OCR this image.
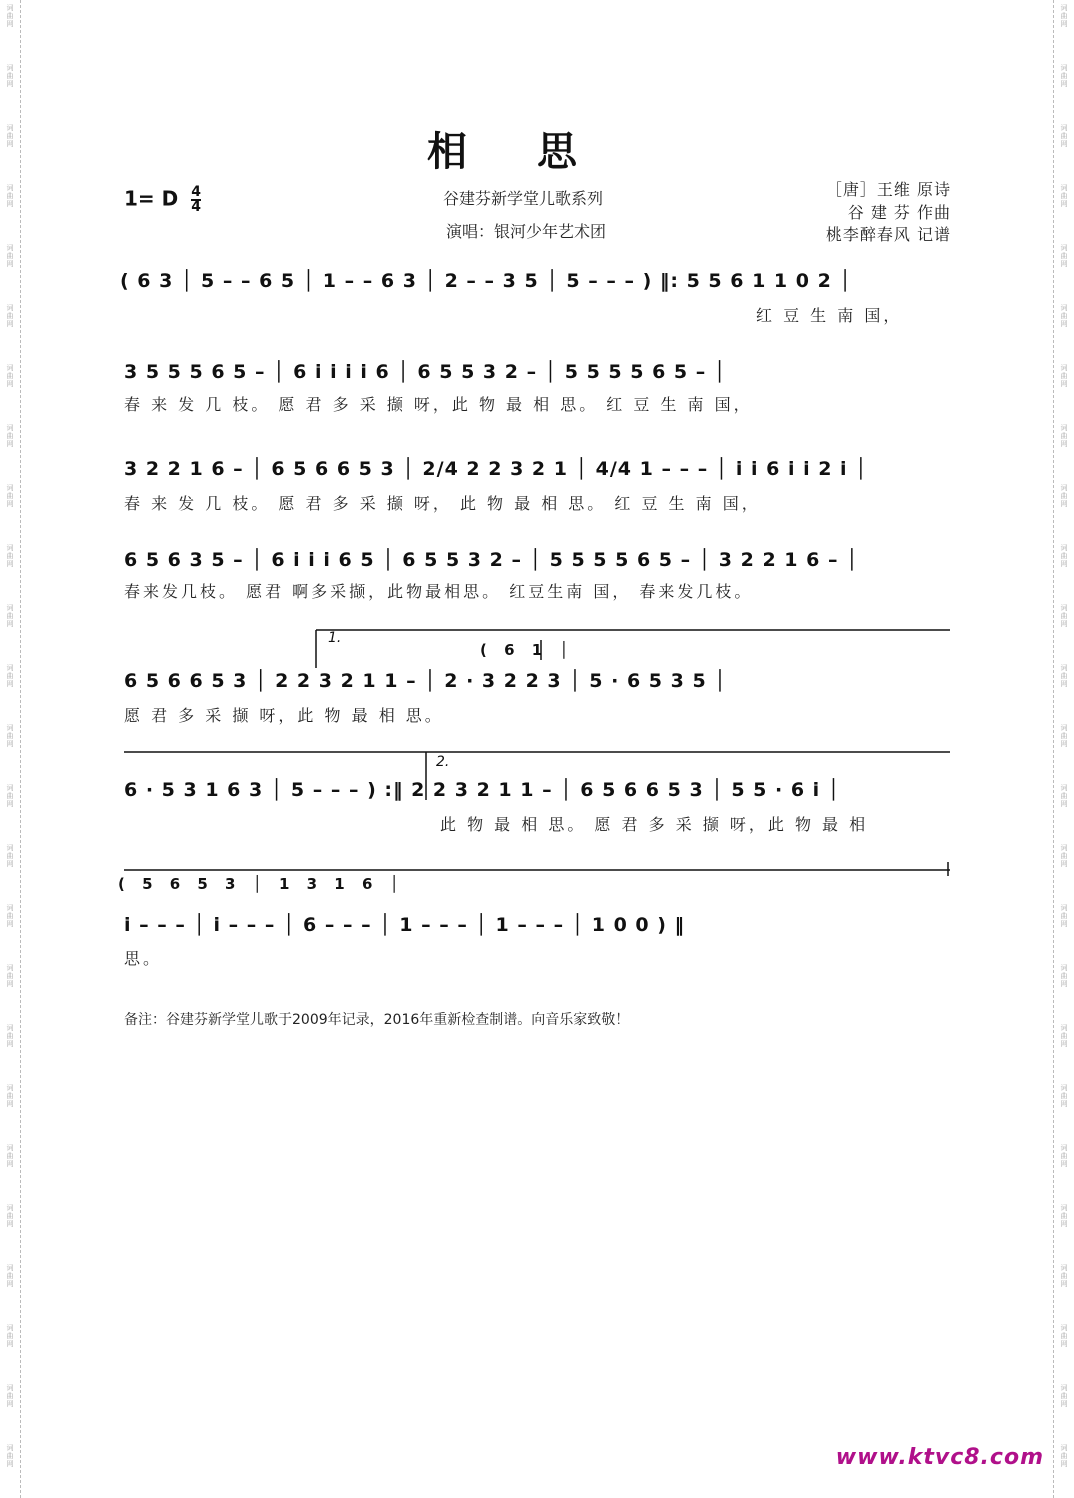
词
曲
网
词
曲
网
词
曲
网
词
曲
网
词
曲
网
词
曲
网
词
曲
网
词
曲
网
词
曲
网
词
曲
网
词
曲
网
词
曲
网
词
曲
网
词
曲
网
词
曲
网
词
曲
网
词
曲
网
词
曲
网
词
曲
网
词
曲
网
词
曲
网
词
曲
网
词
曲
网
词
曲
网
词
曲
网
词
曲
网
词
曲
网
词
曲
网
词
曲
网
词
曲
网
词
曲
网
词
曲
网
词
曲
网
词
曲
网
词
曲
网
词
曲
网
词
曲
网
词
曲
网
词
曲
网
词
曲
网
词
曲
网
词
曲
网
词
曲
网
词
曲
网
词
曲
网
词
曲
网
词
曲
网
词
曲
网
词
曲
网
词
曲
网
相思
1= D $\frac{4}{4}$	谷建芬新学堂儿歌系列
演唱：银河少年艺术团
［唐］王维 原诗
谷 建 芬 作曲
桃李醉春风 记谱
( 6 3 │ 5 – – 6 5 │ 1 – – 6 3 │ 2 – – 3 5 │ 5 – – – ) ‖: 5 5 6 1 1 0 2 │
红 豆 生 南 国，
3 5 5 5 6 5 – │ 6 i i i i 6 │ 6 5 5 3 2 – │ 5 5 5 5 6 5 – │
春 来 发 几 枝。 愿 君 多 采 撷 呀，此 物 最 相 思。 红 豆 生 南 国，
3 2 2 1 6 – │ 6 5 6 6 5 3 │ 2/4 2 2 3 2 1 │ 4/4 1 – – – │ i i 6 i i 2 i │
春 来 发 几 枝。 愿 君 多 采 撷 呀， 此 物 最 相 思。 红 豆 生 南 国，
6 5 6 3 5 – │ 6 i i i 6 5 │ 6 5 5 3 2 – │ 5 5 5 5 6 5 – │ 3 2 2 1 6 – │
春来发几枝。 愿君 啊多采撷，此物最相思。 红豆生南 国， 春来发几枝。
1.
( 6 1 │
6 5 6 6 5 3 │ 2 2 3 2 1 1 – │ 2 · 3 2 2 3 │ 5 · 6 5 3 5 │
愿 君 多 采 撷 呀，此 物 最 相 思。
2.
6 · 5 3 1 6 3 │ 5 – – – ) :‖ 2 2 3 2 1 1 – │ 6 5 6 6 5 3 │ 5 5 · 6 i │
此 物 最 相 思。 愿 君 多 采 撷 呀，此 物 最 相
( 5 6 5 3 │ 1 3 1 6 │
i – – – │ i – – – │ 6 – – – │ 1 – – – │ 1 – – – │ 1 0 0 ) ‖
思。
备注：谷建芬新学堂儿歌于2009年记录，2016年重新检查制谱。向音乐家致敬！
www.ktvc8.com
